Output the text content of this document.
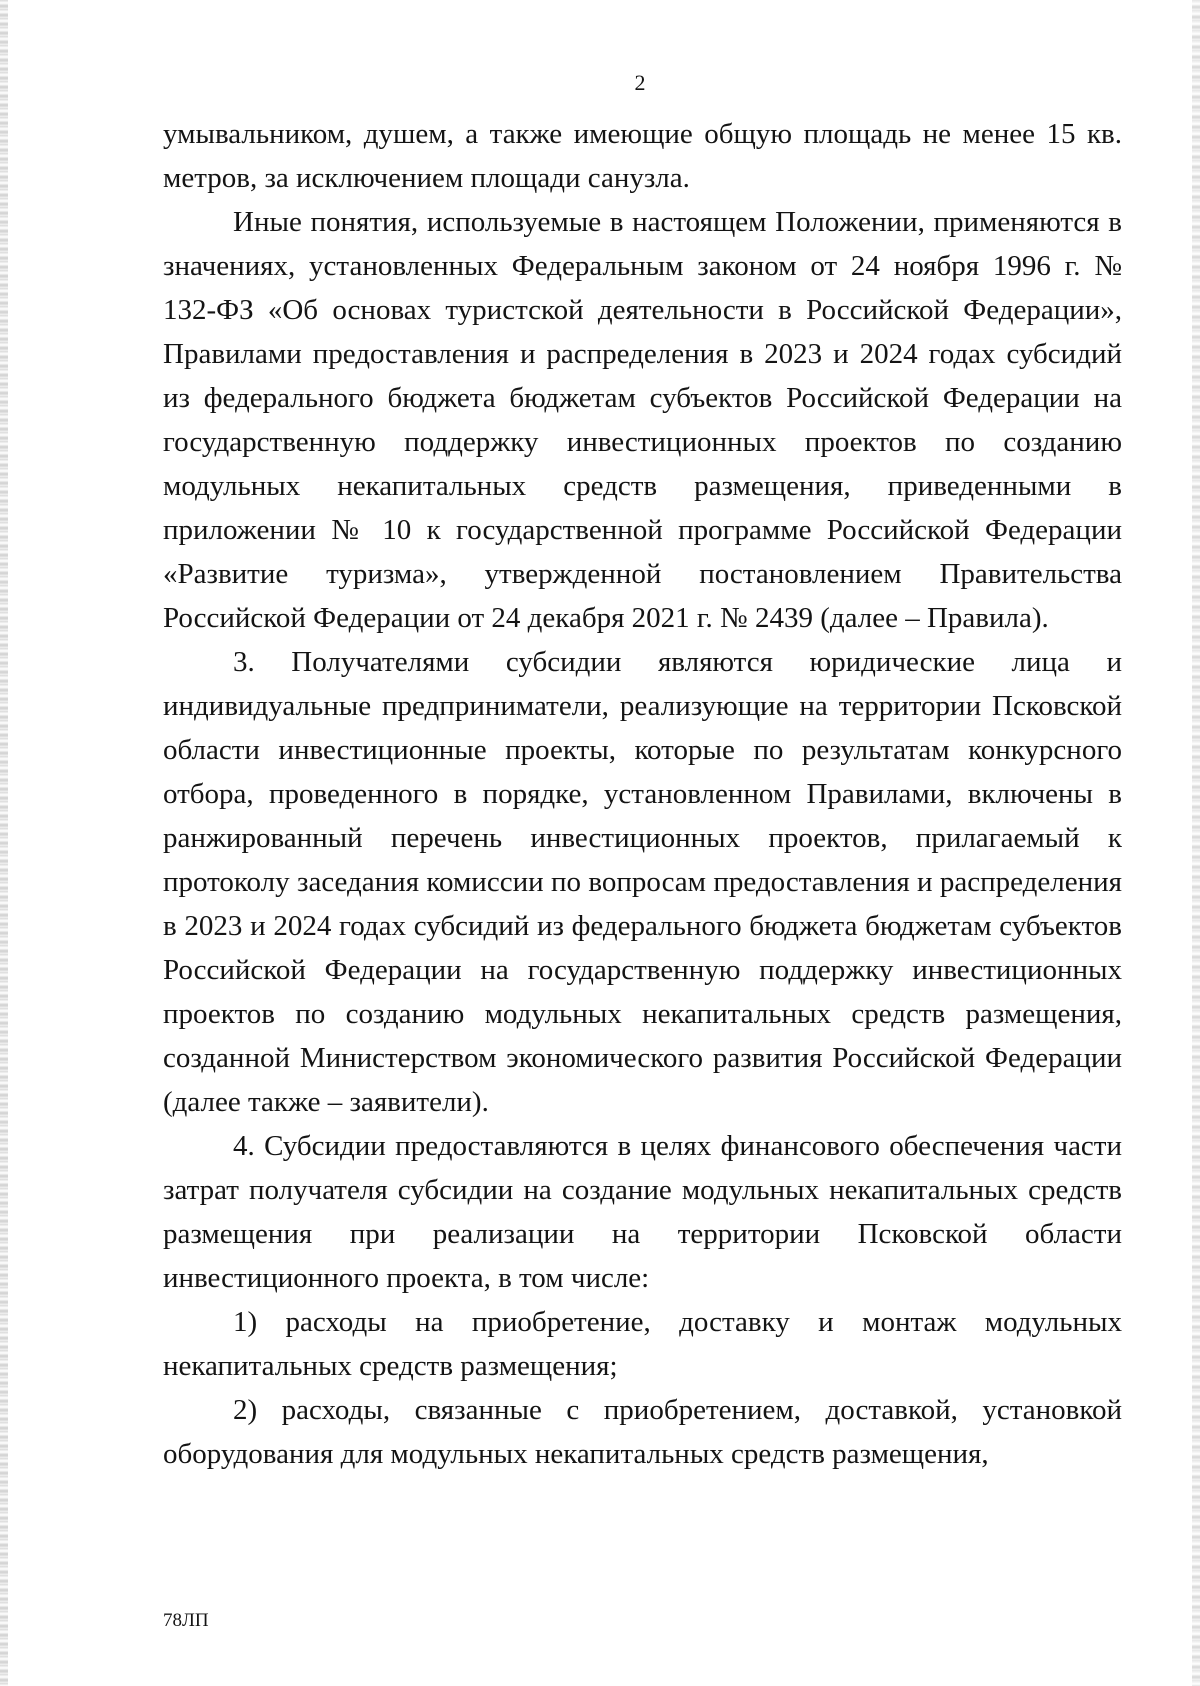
2

умывальником, душем, а также имеющие общую площадь не менее 15 кв. метров, за исключением площади санузла.

Иные понятия, используемые в настоящем Положении, применяются в значениях, установленных Федеральным законом от 24 ноября 1996 г. № 132-ФЗ «Об основах туристской деятельности в Российской Федерации», Правилами предоставления и распределения в 2023 и 2024 годах субсидий из федерального бюджета бюджетам субъектов Российской Федерации на государственную поддержку инвестиционных проектов по созданию модульных некапитальных средств размещения, приведенными в приложении № 10 к государственной программе Российской Федерации «Развитие туризма», утвержденной постановлением Правительства Российской Федерации от 24 декабря 2021 г. № 2439 (далее – Правила).

3. Получателями субсидии являются юридические лица и индивидуальные предприниматели, реализующие на территории Псковской области инвестиционные проекты, которые по результатам конкурсного отбора, проведенного в порядке, установленном Правилами, включены в ранжированный перечень инвестиционных проектов, прилагаемый к протоколу заседания комиссии по вопросам предоставления и распределения в 2023 и 2024 годах субсидий из федерального бюджета бюджетам субъектов Российской Федерации на государственную поддержку инвестиционных проектов по созданию модульных некапитальных средств размещения, созданной Министерством экономического развития Российской Федерации (далее также – заявители).

4. Субсидии предоставляются в целях финансового обеспечения части затрат получателя субсидии на создание модульных некапитальных средств размещения при реализации на территории Псковской области инвестиционного проекта, в том числе:

1) расходы на приобретение, доставку и монтаж модульных некапитальных средств размещения;

2) расходы, связанные с приобретением, доставкой, установкой оборудования для модульных некапитальных средств размещения,

78ЛП
